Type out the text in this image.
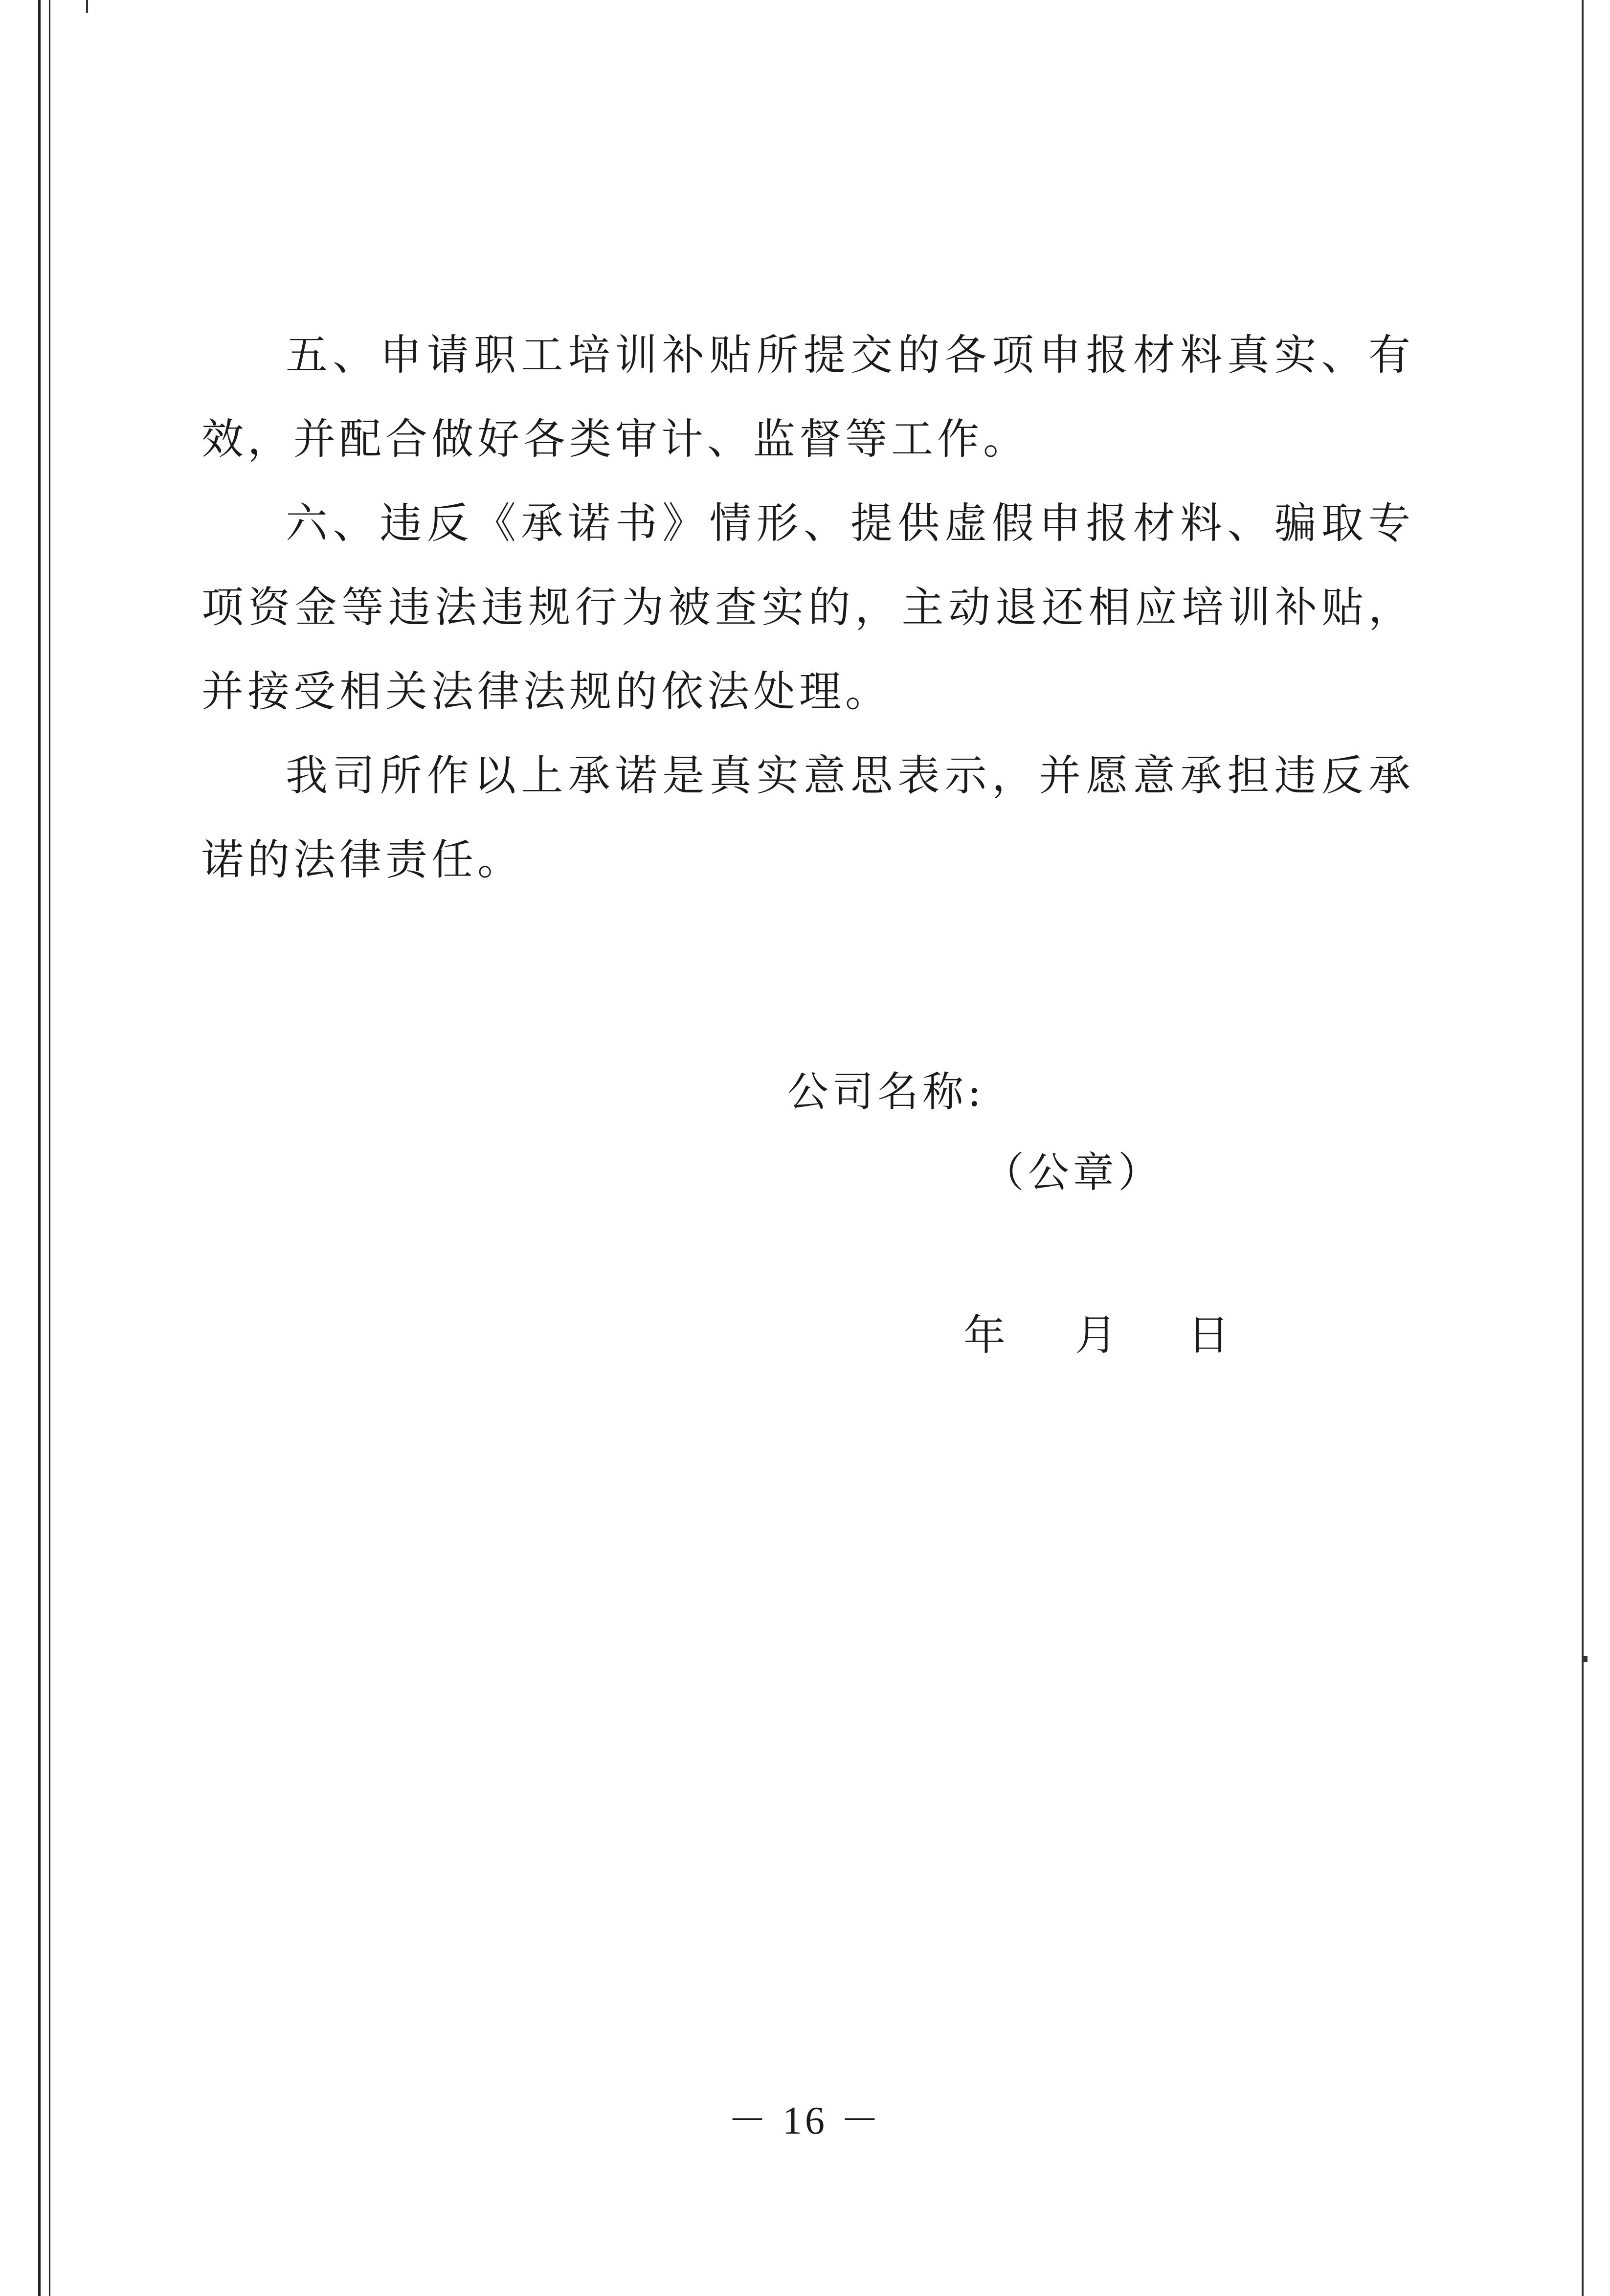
五、申请职工培训补贴所提交的各项申报材料真实、有效，并配合做好各类审计、监督等工作。

六、违反《承诺书》情形、提供虚假申报材料、骗取专项资金等违法违规行为被查实的，主动退还相应培训补贴，并接受相关法律法规的依法处理。

我司所作以上承诺是真实意思表示，并愿意承担违反承诺的法律责任。

公司名称:
（公章）
年 月 日
－ 16 －
